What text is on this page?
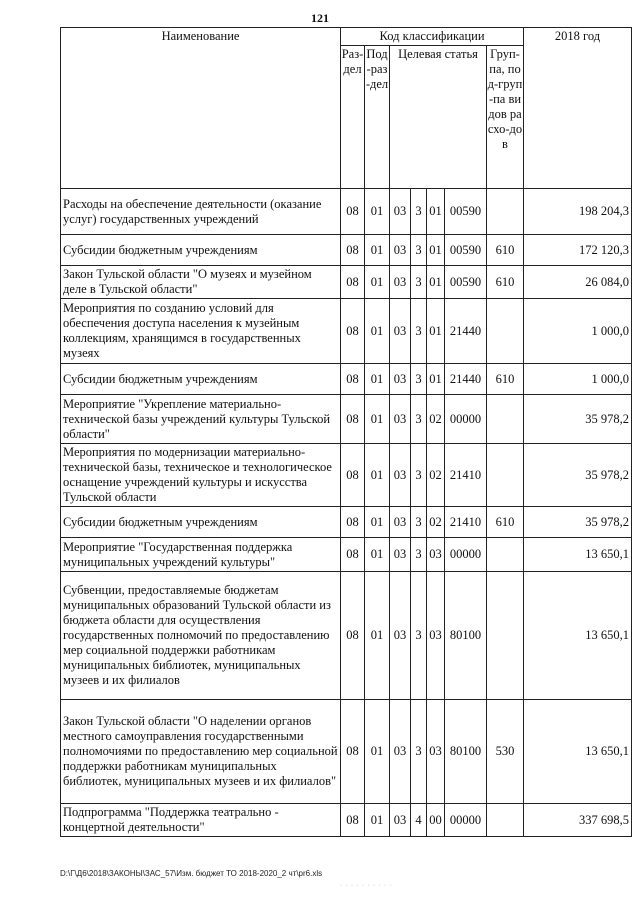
121
Наименование	Код классификации							2018 год
	Раз-дел	Под-раз-дел	Целевая статья				Груп-па, под-груп-па видов расхо-дов	
Расходы на обеспечение деятельности (оказание услуг) государственных учреждений	08	01	03	3	01	00590		198 204,3
Субсидии бюджетным учреждениям	08	01	03	3	01	00590	610	172 120,3
Закон Тульской области "О музеях и музейном деле в Тульской области"	08	01	03	3	01	00590	610	26 084,0
Мероприятия по созданию условий для обеспечения доступа населения к музейным коллекциям, хранящимся в государственных музеях	08	01	03	3	01	21440		1 000,0
Субсидии бюджетным учреждениям	08	01	03	3	01	21440	610	1 000,0
Мероприятие "Укрепление материально-технической базы учреждений культуры Тульской области"	08	01	03	3	02	00000		35 978,2
Мероприятия по модернизации материально-технической базы, техническое и технологическое оснащение учреждений культуры и искусства Тульской области	08	01	03	3	02	21410		35 978,2
Субсидии бюджетным учреждениям	08	01	03	3	02	21410	610	35 978,2
Мероприятие "Государственная поддержка муниципальных учреждений культуры"	08	01	03	3	03	00000		13 650,1
Субвенции, предоставляемые бюджетам муниципальных образований Тульской области из бюджета области для осуществления государственных полномочий по предоставлению мер социальной поддержки работникам муниципальных библиотек, муниципальных музеев и их филиалов	08	01	03	3	03	80100		13 650,1
Закон Тульской области "О наделении органов местного самоуправления государственными полномочиями по предоставлению мер социальной поддержки работникам муниципальных библиотек, муниципальных музеев и их филиалов"	08	01	03	3	03	80100	530	13 650,1
Подпрограмма "Поддержка театрально - концертной деятельности"	08	01	03	4	00	00000		337 698,5
D:\Г\Д6\2018\ЗАКОНЫ\ЗАС_57\Изм. бюджет ТО 2018-2020_2 чт\pr6.xls
· · · · · · · · · ·
